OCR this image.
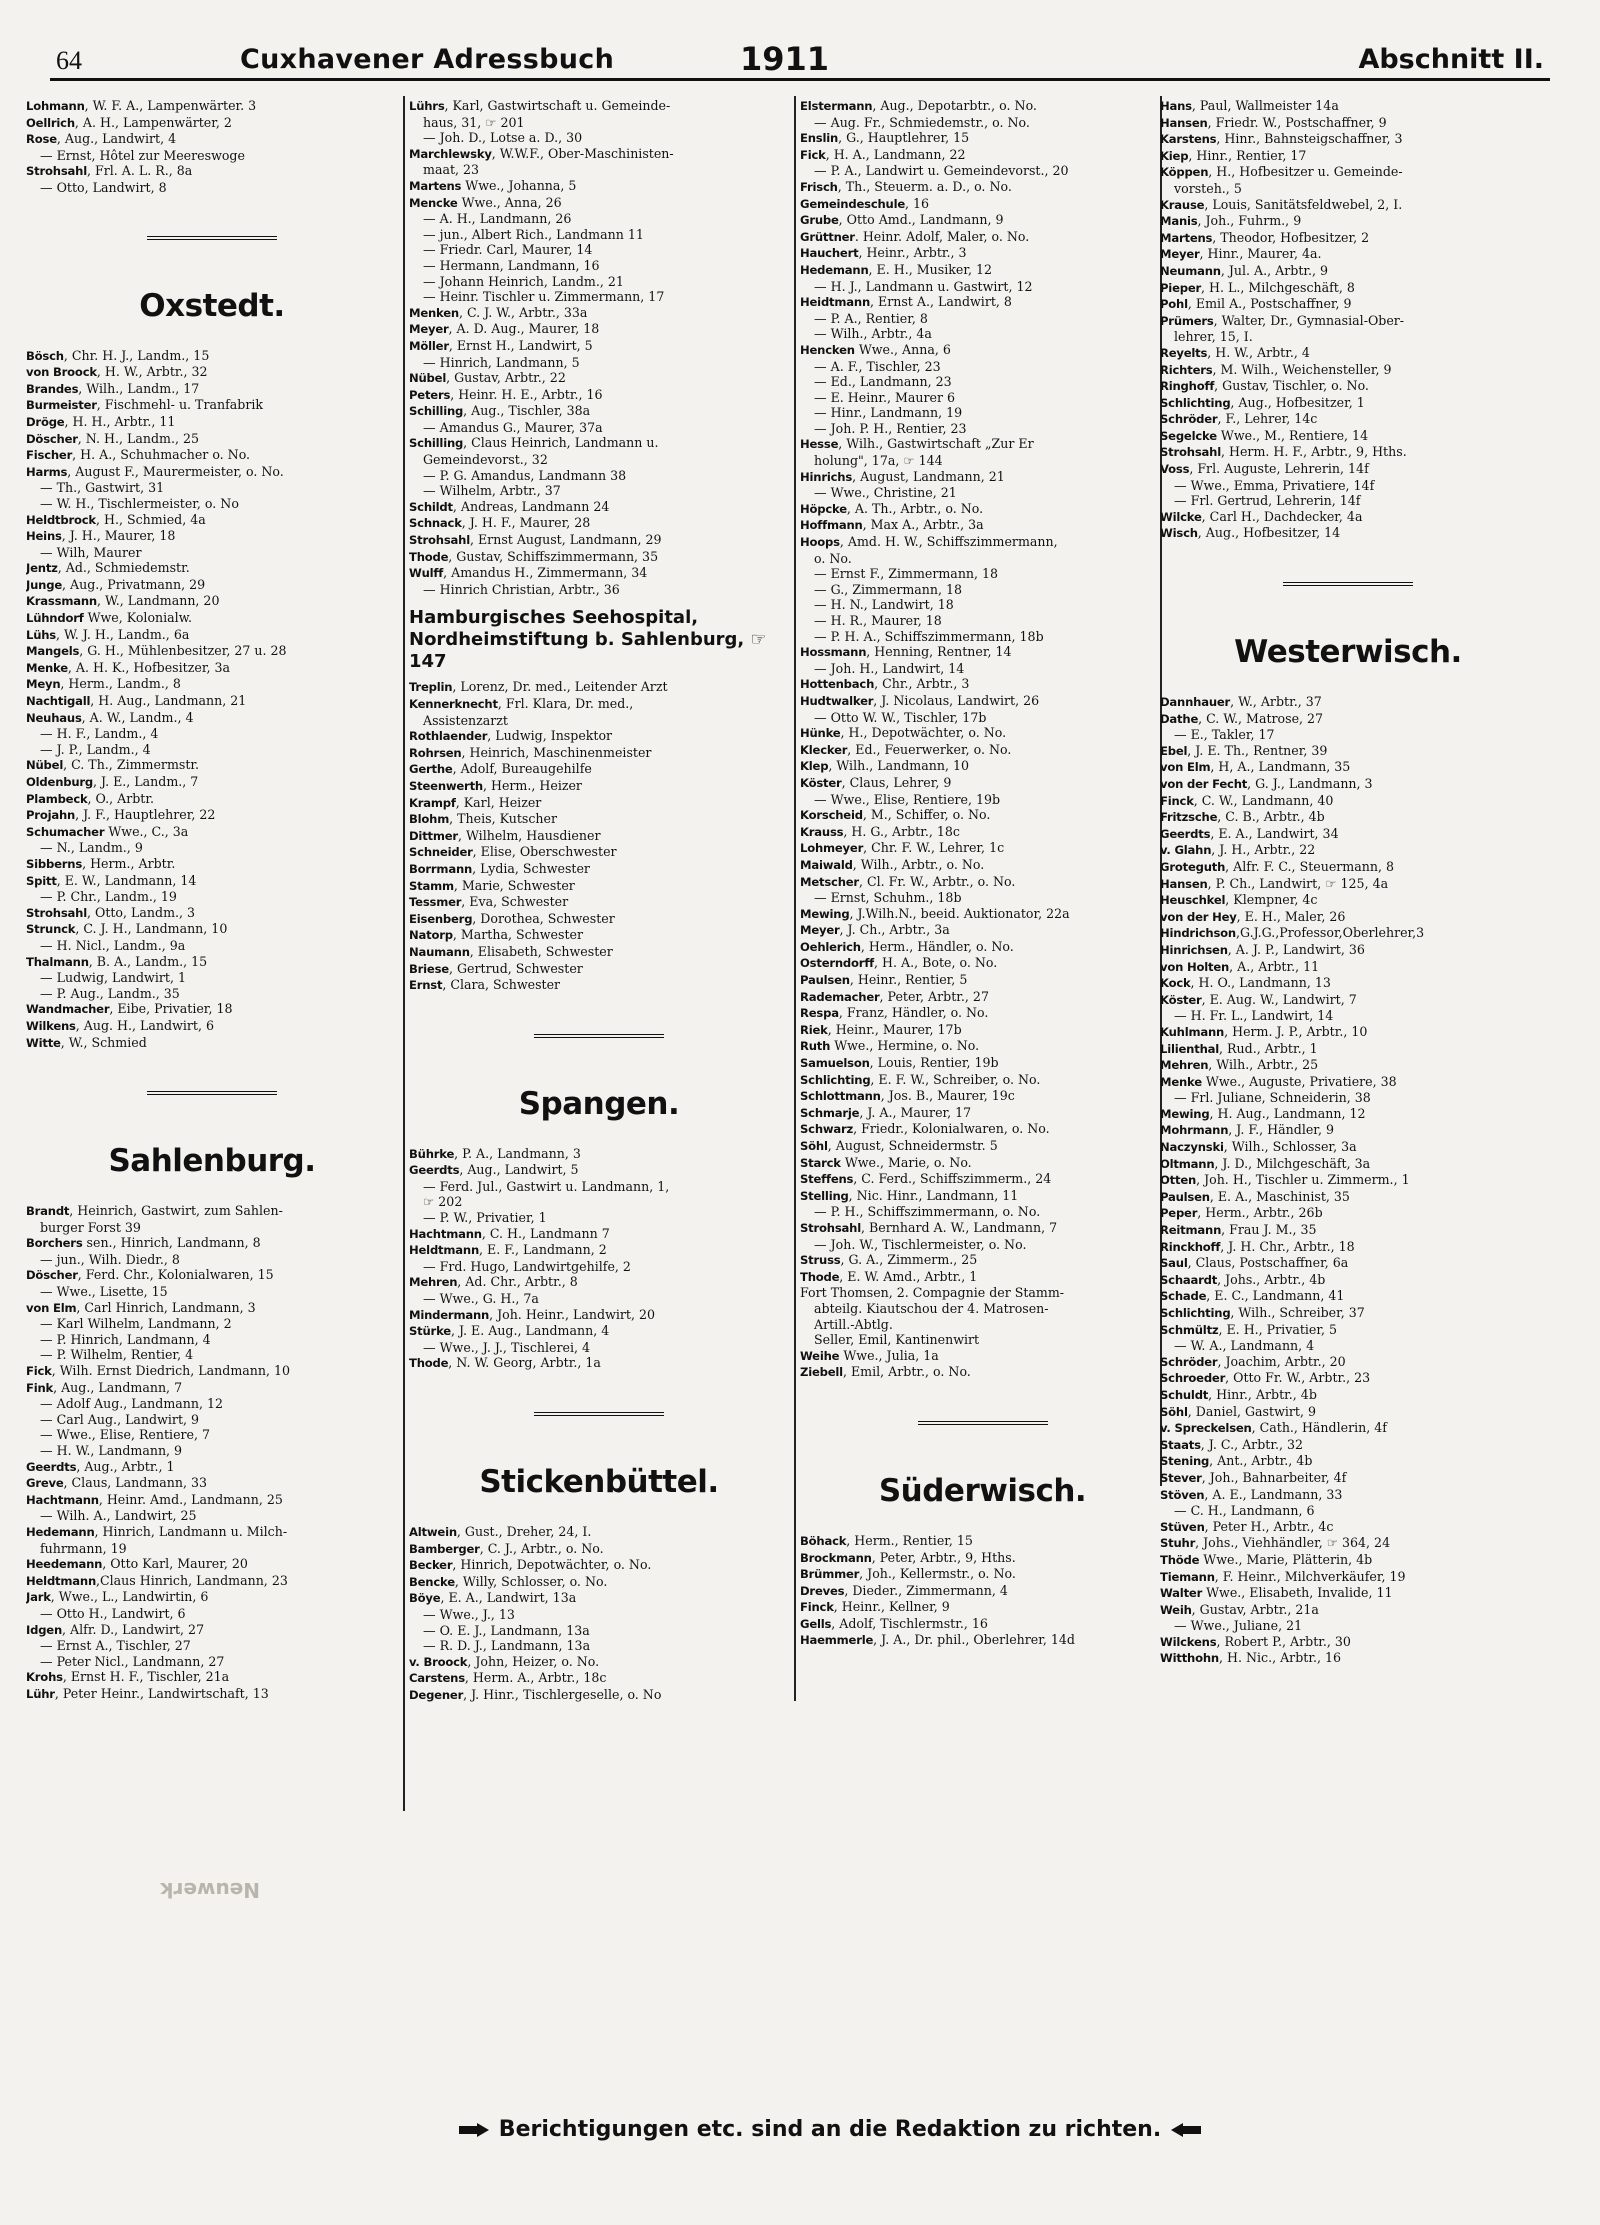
64	Cuxhavener Adressbuch	1911	Abschnitt II.
Lohmann, W. F. A., Lampenwärter. 3
Oellrich, A. H., Lampenwärter, 2
Rose, Aug., Landwirt, 4
— Ernst, Hôtel zur Meereswoge
Strohsahl, Frl. A. L. R., 8a
— Otto, Landwirt, 8
Oxstedt.
Bösch, Chr. H. J., Landm., 15
von Broock, H. W., Arbtr., 32
Brandes, Wilh., Landm., 17
Burmeister, Fischmehl- u. Tranfabrik
Dröge, H. H., Arbtr., 11
Döscher, N. H., Landm., 25
Fischer, H. A., Schuhmacher o. No.
Harms, August F., Maurermeister, o. No.
— Th., Gastwirt, 31
— W. H., Tischlermeister, o. No
Heldtbrock, H., Schmied, 4a
Heins, J. H., Maurer, 18
— Wilh, Maurer
Jentz, Ad., Schmiedemstr.
Junge, Aug., Privatmann, 29
Krassmann, W., Landmann, 20
Lühndorf Wwe, Kolonialw.
Lühs, W. J. H., Landm., 6a
Mangels, G. H., Mühlenbesitzer, 27 u. 28
Menke, A. H. K., Hofbesitzer, 3a
Meyn, Herm., Landm., 8
Nachtigall, H. Aug., Landmann, 21
Neuhaus, A. W., Landm., 4
— H. F., Landm., 4
— J. P., Landm., 4
Nübel, C. Th., Zimmermstr.
Oldenburg, J. E., Landm., 7
Plambeck, O., Arbtr.
Projahn, J. F., Hauptlehrer, 22
Schumacher Wwe., C., 3a
— N., Landm., 9
Sibberns, Herm., Arbtr.
Spitt, E. W., Landmann, 14
— P. Chr., Landm., 19
Strohsahl, Otto, Landm., 3
Strunck, C. J. H., Landmann, 10
— H. Nicl., Landm., 9a
Thalmann, B. A., Landm., 15
— Ludwig, Landwirt, 1
— P. Aug., Landm., 35
Wandmacher, Eibe, Privatier, 18
Wilkens, Aug. H., Landwirt, 6
Witte, W., Schmied
Sahlenburg.
Brandt, Heinrich, Gastwirt, zum Sahlen-
burger Forst 39
Borchers sen., Hinrich, Landmann, 8
— jun., Wilh. Diedr., 8
Döscher, Ferd. Chr., Kolonialwaren, 15
— Wwe., Lisette, 15
von Elm, Carl Hinrich, Landmann, 3
— Karl Wilhelm, Landmann, 2
— P. Hinrich, Landmann, 4
— P. Wilhelm, Rentier, 4
Fick, Wilh. Ernst Diedrich, Landmann, 10
Fink, Aug., Landmann, 7
— Adolf Aug., Landmann, 12
— Carl Aug., Landwirt, 9
— Wwe., Elise, Rentiere, 7
— H. W., Landmann, 9
Geerdts, Aug., Arbtr., 1
Greve, Claus, Landmann, 33
Hachtmann, Heinr. Amd., Landmann, 25
— Wilh. A., Landwirt, 25
Hedemann, Hinrich, Landmann u. Milch-
fuhrmann, 19
Heedemann, Otto Karl, Maurer, 20
Heldtmann,Claus Hinrich, Landmann, 23
Jark, Wwe., L., Landwirtin, 6
— Otto H., Landwirt, 6
Idgen, Alfr. D., Landwirt, 27
— Ernst A., Tischler, 27
— Peter Nicl., Landmann, 27
Krohs, Ernst H. F., Tischler, 21a
Lühr, Peter Heinr., Landwirtschaft, 13
Lührs, Karl, Gastwirtschaft u. Gemeinde-
haus, 31, ☞ 201
— Joh. D., Lotse a. D., 30
Marchlewsky, W.W.F., Ober-Maschinisten-
maat, 23
Martens Wwe., Johanna, 5
Mencke Wwe., Anna, 26
— A. H., Landmann, 26
— jun., Albert Rich., Landmann 11
— Friedr. Carl, Maurer, 14
— Hermann, Landmann, 16
— Johann Heinrich, Landm., 21
— Heinr. Tischler u. Zimmermann, 17
Menken, C. J. W., Arbtr., 33a
Meyer, A. D. Aug., Maurer, 18
Möller, Ernst H., Landwirt, 5
— Hinrich, Landmann, 5
Nübel, Gustav, Arbtr., 22
Peters, Heinr. H. E., Arbtr., 16
Schilling, Aug., Tischler, 38a
— Amandus G., Maurer, 37a
Schilling, Claus Heinrich, Landmann u.
Gemeindevorst., 32
— P. G. Amandus, Landmann 38
— Wilhelm, Arbtr., 37
Schildt, Andreas, Landmann 24
Schnack, J. H. F., Maurer, 28
Strohsahl, Ernst August, Landmann, 29
Thode, Gustav, Schiffszimmermann, 35
Wulff, Amandus H., Zimmermann, 34
— Hinrich Christian, Arbtr., 36
Hamburgisches Seehospital, Nordheimstiftung b. Sahlenburg, ☞ 147
Treplin, Lorenz, Dr. med., Leitender Arzt
Kennerknecht, Frl. Klara, Dr. med.,
Assistenzarzt
Rothlaender, Ludwig, Inspektor
Rohrsen, Heinrich, Maschinenmeister
Gerthe, Adolf, Bureaugehilfe
Steenwerth, Herm., Heizer
Krampf, Karl, Heizer
Blohm, Theis, Kutscher
Dittmer, Wilhelm, Hausdiener
Schneider, Elise, Oberschwester
Borrmann, Lydia, Schwester
Stamm, Marie, Schwester
Tessmer, Eva, Schwester
Eisenberg, Dorothea, Schwester
Natorp, Martha, Schwester
Naumann, Elisabeth, Schwester
Briese, Gertrud, Schwester
Ernst, Clara, Schwester
Spangen.
Bührke, P. A., Landmann, 3
Geerdts, Aug., Landwirt, 5
— Ferd. Jul., Gastwirt u. Landmann, 1,
☞ 202
— P. W., Privatier, 1
Hachtmann, C. H., Landmann 7
Heldtmann, E. F., Landmann, 2
— Frd. Hugo, Landwirtgehilfe, 2
Mehren, Ad. Chr., Arbtr., 8
— Wwe., G. H., 7a
Mindermann, Joh. Heinr., Landwirt, 20
Stürke, J. E. Aug., Landmann, 4
— Wwe., J. J., Tischlerei, 4
Thode, N. W. Georg, Arbtr., 1a
Stickenbüttel.
Altwein, Gust., Dreher, 24, I.
Bamberger, C. J., Arbtr., o. No.
Becker, Hinrich, Depotwächter, o. No.
Bencke, Willy, Schlosser, o. No.
Böye, E. A., Landwirt, 13a
— Wwe., J., 13
— O. E. J., Landmann, 13a
— R. D. J., Landmann, 13a
v. Broock, John, Heizer, o. No.
Carstens, Herm. A., Arbtr., 18c
Degener, J. Hinr., Tischlergeselle, o. No
Elstermann, Aug., Depotarbtr., o. No.
— Aug. Fr., Schmiedemstr., o. No.
Enslin, G., Hauptlehrer, 15
Fick, H. A., Landmann, 22
— P. A., Landwirt u. Gemeindevorst., 20
Frisch, Th., Steuerm. a. D., o. No.
Gemeindeschule, 16
Grube, Otto Amd., Landmann, 9
Grüttner. Heinr. Adolf, Maler, o. No.
Hauchert, Heinr., Arbtr., 3
Hedemann, E. H., Musiker, 12
— H. J., Landmann u. Gastwirt, 12
Heidtmann, Ernst A., Landwirt, 8
— P. A., Rentier, 8
— Wilh., Arbtr., 4a
Hencken Wwe., Anna, 6
— A. F., Tischler, 23
— Ed., Landmann, 23
— E. Heinr., Maurer 6
— Hinr., Landmann, 19
— Joh. P. H., Rentier, 23
Hesse, Wilh., Gastwirtschaft „Zur Er
holung", 17a, ☞ 144
Hinrichs, August, Landmann, 21
— Wwe., Christine, 21
Höpcke, A. Th., Arbtr., o. No.
Hoffmann, Max A., Arbtr., 3a
Hoops, Amd. H. W., Schiffszimmermann,
o. No.
— Ernst F., Zimmermann, 18
— G., Zimmermann, 18
— H. N., Landwirt, 18
— H. R., Maurer, 18
— P. H. A., Schiffszimmermann, 18b
Hossmann, Henning, Rentner, 14
— Joh. H., Landwirt, 14
Hottenbach, Chr., Arbtr., 3
Hudtwalker, J. Nicolaus, Landwirt, 26
— Otto W. W., Tischler, 17b
Hünke, H., Depotwächter, o. No.
Klecker, Ed., Feuerwerker, o. No.
Klep, Wilh., Landmann, 10
Köster, Claus, Lehrer, 9
— Wwe., Elise, Rentiere, 19b
Korscheid, M., Schiffer, o. No.
Krauss, H. G., Arbtr., 18c
Lohmeyer, Chr. F. W., Lehrer, 1c
Maiwald, Wilh., Arbtr., o. No.
Metscher, Cl. Fr. W., Arbtr., o. No.
— Ernst, Schuhm., 18b
Mewing, J.Wilh.N., beeid. Auktionator, 22a
Meyer, J. Ch., Arbtr., 3a
Oehlerich, Herm., Händler, o. No.
Osterndorff, H. A., Bote, o. No.
Paulsen, Heinr., Rentier, 5
Rademacher, Peter, Arbtr., 27
Respa, Franz, Händler, o. No.
Riek, Heinr., Maurer, 17b
Ruth Wwe., Hermine, o. No.
Samuelson, Louis, Rentier, 19b
Schlichting, E. F. W., Schreiber, o. No.
Schlottmann, Jos. B., Maurer, 19c
Schmarje, J. A., Maurer, 17
Schwarz, Friedr., Kolonialwaren, o. No.
Söhl, August, Schneidermstr. 5
Starck Wwe., Marie, o. No.
Steffens, C. Ferd., Schiffszimmerm., 24
Stelling, Nic. Hinr., Landmann, 11
— P. H., Schiffszimmermann, o. No.
Strohsahl, Bernhard A. W., Landmann, 7
— Joh. W., Tischlermeister, o. No.
Struss, G. A., Zimmerm., 25
Thode, E. W. Amd., Arbtr., 1
Fort Thomsen, 2. Compagnie der Stamm-
abteilg. Kiautschou der 4. Matrosen-
Artill.-Abtlg.
Seller, Emil, Kantinenwirt
Weihe Wwe., Julia, 1a
Ziebell, Emil, Arbtr., o. No.
Süderwisch.
Böhack, Herm., Rentier, 15
Brockmann, Peter, Arbtr., 9, Hths.
Brümmer, Joh., Kellermstr., o. No.
Dreves, Dieder., Zimmermann, 4
Finck, Heinr., Kellner, 9
Gells, Adolf, Tischlermstr., 16
Haemmerle, J. A., Dr. phil., Oberlehrer, 14d
Hans, Paul, Wallmeister 14a
Hansen, Friedr. W., Postschaffner, 9
Karstens, Hinr., Bahnsteigschaffner, 3
Kiep, Hinr., Rentier, 17
Köppen, H., Hofbesitzer u. Gemeinde-
vorsteh., 5
Krause, Louis, Sanitätsfeldwebel, 2, I.
Manis, Joh., Fuhrm., 9
Martens, Theodor, Hofbesitzer, 2
Meyer, Hinr., Maurer, 4a.
Neumann, Jul. A., Arbtr., 9
Pieper, H. L., Milchgeschäft, 8
Pohl, Emil A., Postschaffner, 9
Prümers, Walter, Dr., Gymnasial-Ober-
lehrer, 15, I.
Reyelts, H. W., Arbtr., 4
Richters, M. Wilh., Weichensteller, 9
Ringhoff, Gustav, Tischler, o. No.
Schlichting, Aug., Hofbesitzer, 1
Schröder, F., Lehrer, 14c
Segelcke Wwe., M., Rentiere, 14
Strohsahl, Herm. H. F., Arbtr., 9, Hths.
Voss, Frl. Auguste, Lehrerin, 14f
— Wwe., Emma, Privatiere, 14f
— Frl. Gertrud, Lehrerin, 14f
Wilcke, Carl H., Dachdecker, 4a
Wisch, Aug., Hofbesitzer, 14
Westerwisch.
Dannhauer, W., Arbtr., 37
Dathe, C. W., Matrose, 27
— E., Takler, 17
Ebel, J. E. Th., Rentner, 39
von Elm, H, A., Landmann, 35
von der Fecht, G. J., Landmann, 3
Finck, C. W., Landmann, 40
Fritzsche, C. B., Arbtr., 4b
Geerdts, E. A., Landwirt, 34
v. Glahn, J. H., Arbtr., 22
Groteguth, Alfr. F. C., Steuermann, 8
Hansen, P. Ch., Landwirt, ☞ 125, 4a
Heuschkel, Klempner, 4c
von der Hey, E. H., Maler, 26
Hindrichson,G.J.G.,Professor,Oberlehrer,3
Hinrichsen, A. J. P., Landwirt, 36
von Holten, A., Arbtr., 11
Kock, H. O., Landmann, 13
Köster, E. Aug. W., Landwirt, 7
— H. Fr. L., Landwirt, 14
Kuhlmann, Herm. J. P., Arbtr., 10
Lilienthal, Rud., Arbtr., 1
Mehren, Wilh., Arbtr., 25
Menke Wwe., Auguste, Privatiere, 38
— Frl. Juliane, Schneiderin, 38
Mewing, H. Aug., Landmann, 12
Mohrmann, J. F., Händler, 9
Naczynski, Wilh., Schlosser, 3a
Oltmann, J. D., Milchgeschäft, 3a
Otten, Joh. H., Tischler u. Zimmerm., 1
Paulsen, E. A., Maschinist, 35
Peper, Herm., Arbtr., 26b
Reitmann, Frau J. M., 35
Rinckhoff, J. H. Chr., Arbtr., 18
Saul, Claus, Postschaffner, 6a
Schaardt, Johs., Arbtr., 4b
Schade, E. C., Landmann, 41
Schlichting, Wilh., Schreiber, 37
Schmültz, E. H., Privatier, 5
— W. A., Landmann, 4
Schröder, Joachim, Arbtr., 20
Schroeder, Otto Fr. W., Arbtr., 23
Schuldt, Hinr., Arbtr., 4b
Söhl, Daniel, Gastwirt, 9
v. Spreckelsen, Cath., Händlerin, 4f
Staats, J. C., Arbtr., 32
Stening, Ant., Arbtr., 4b
Stever, Joh., Bahnarbeiter, 4f
Stöven, A. E., Landmann, 33
— C. H., Landmann, 6
Stüven, Peter H., Arbtr., 4c
Stuhr, Johs., Viehhändler, ☞ 364, 24
Thöde Wwe., Marie, Plätterin, 4b
Tiemann, F. Heinr., Milchverkäufer, 19
Walter Wwe., Elisabeth, Invalide, 11
Weih, Gustav, Arbtr., 21a
— Wwe., Juliane, 21
Wilckens, Robert P., Arbtr., 30
Witthohn, H. Nic., Arbtr., 16
Neuwerk
Berichtigungen etc. sind an die Redaktion zu richten.
